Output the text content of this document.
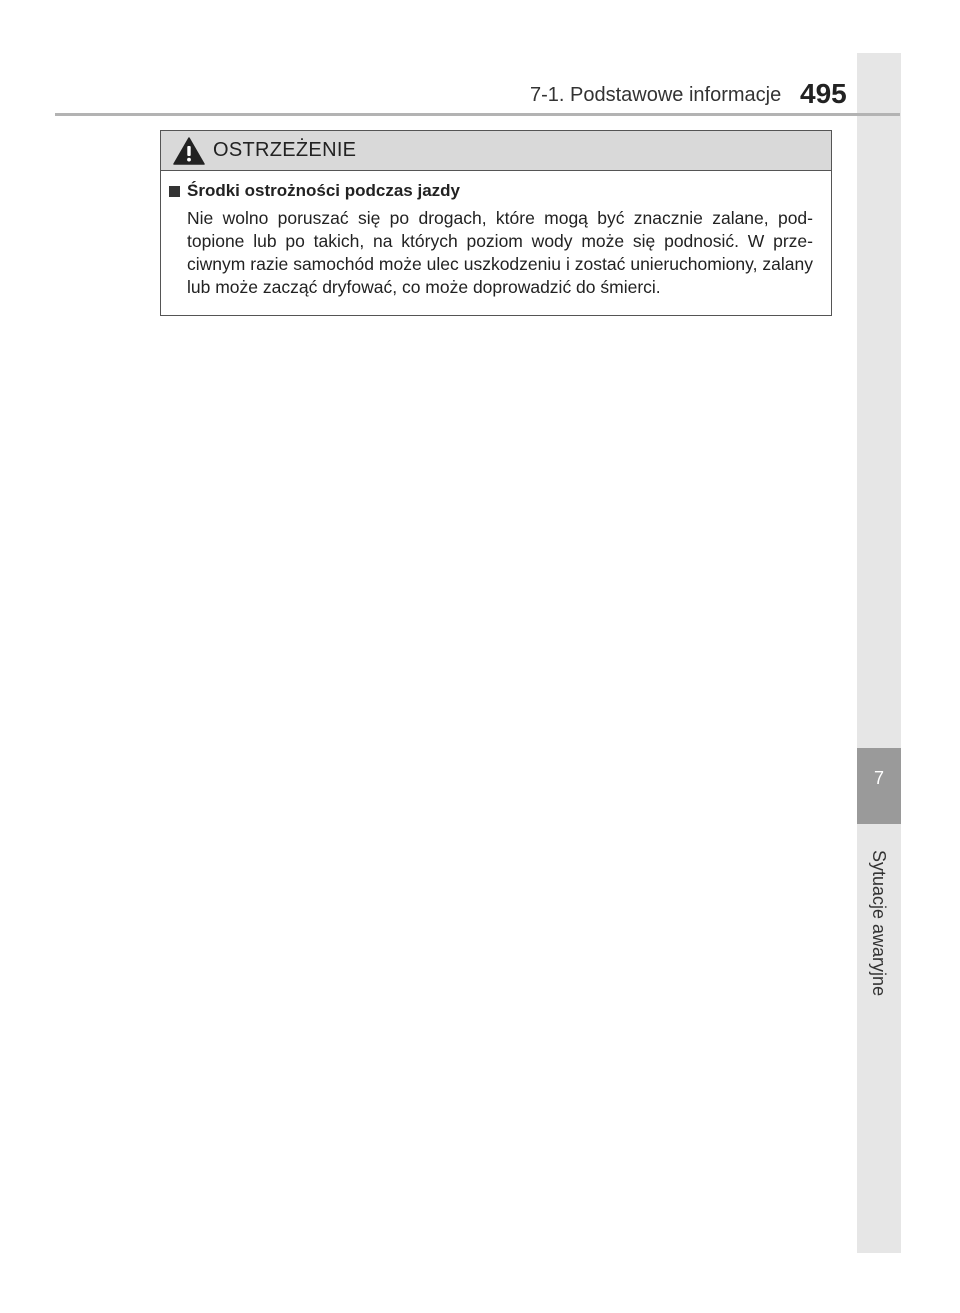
7
Sytuacje awaryjne
7-1. Podstawowe informacje 495
OSTRZEŻENIE
Środki ostrożności podczas jazdy
Nie wolno poruszać się po drogach, które mogą być znacznie zalane, pod-topione lub po takich, na których poziom wody może się podnosić. W prze-ciwnym razie samochód może ulec uszkodzeniu i zostać unieruchomiony, zalany lub może zacząć dryfować, co może doprowadzić do śmierci.
